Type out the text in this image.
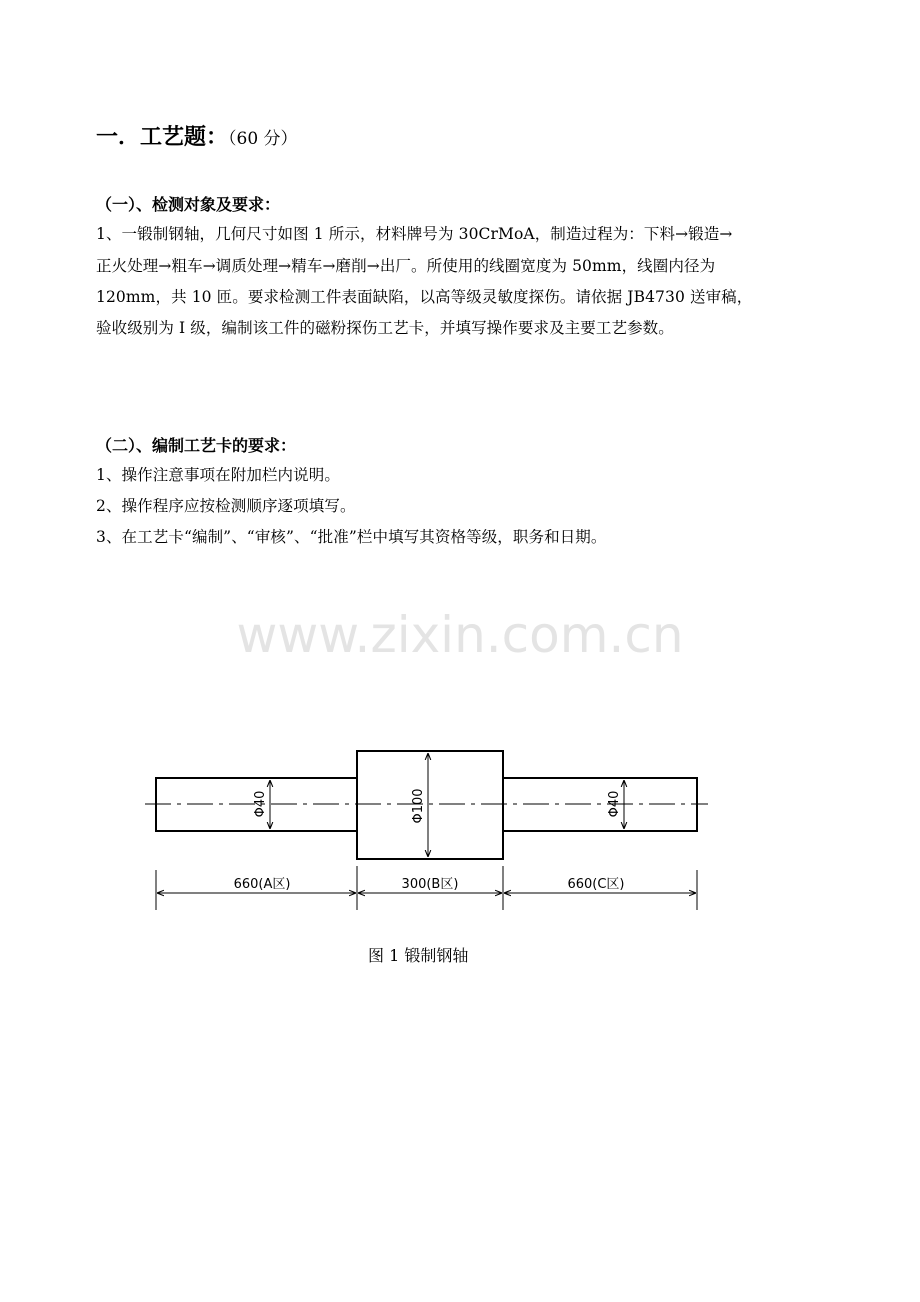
一．工艺题：（60 分）
（一）、检测对象及要求：
1、一锻制钢轴，几何尺寸如图 1 所示，材料牌号为 30CrMoA，制造过程为：下料→锻造→
正火处理→粗车→调质处理→精车→磨削→出厂。所使用的线圈宽度为 50mm，线圈内径为
120mm，共 10 匝。要求检测工件表面缺陷，以高等级灵敏度探伤。请依据 JB4730 送审稿，
验收级别为 I 级，编制该工件的磁粉探伤工艺卡，并填写操作要求及主要工艺参数。
（二）、编制工艺卡的要求：
1、操作注意事项在附加栏内说明。
2、操作程序应按检测顺序逐项填写。
3、在工艺卡“编制”、“审核”、“批准”栏中填写其资格等级，职务和日期。
www.zixin.com.cn
Φ40	Φ100	Φ40
660(A区)	300(B区)	660(C区)
图 1 锻制钢轴
